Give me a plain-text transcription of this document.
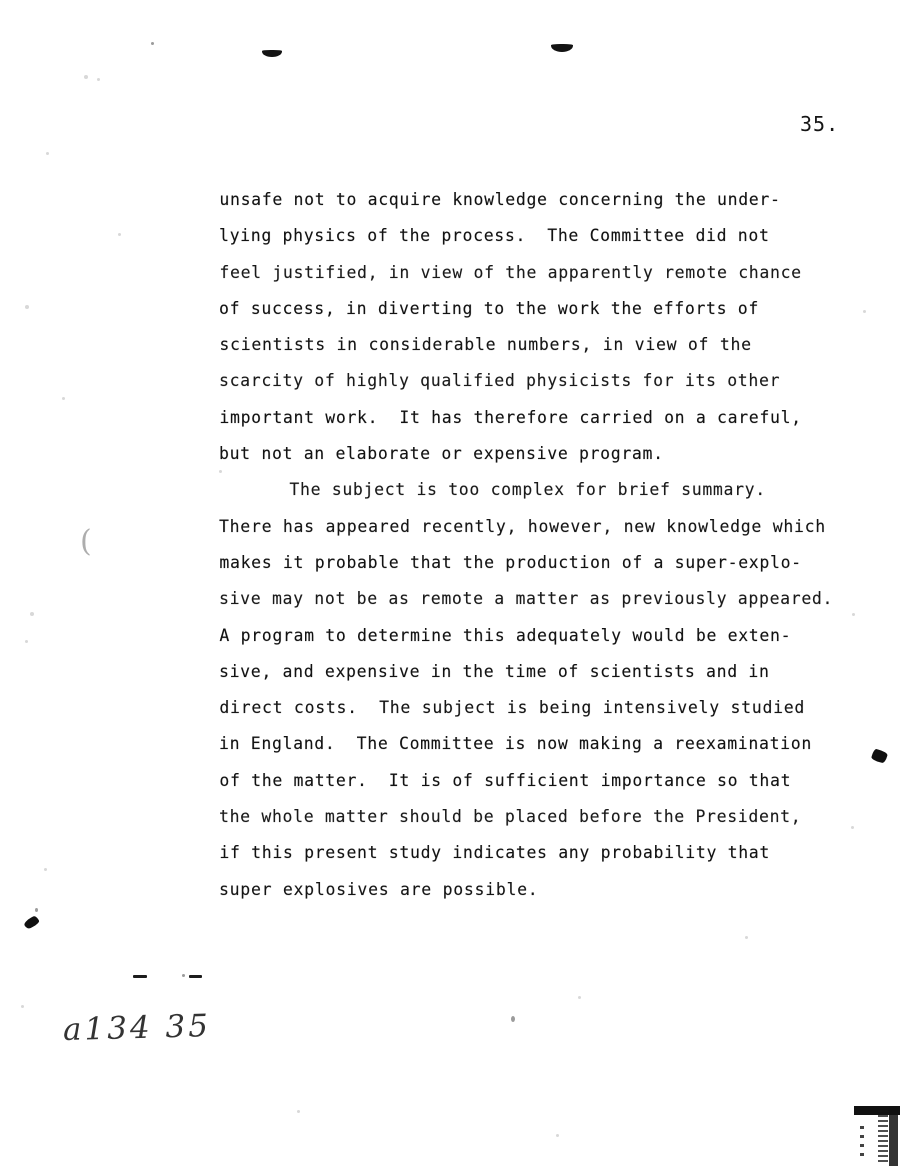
35.
(
unsafe not to acquire knowledge concerning the under-
lying physics of the process.  The Committee did not
feel justified, in view of the apparently remote chance
of success, in diverting to the work the efforts of
scientists in considerable numbers, in view of the
scarcity of highly qualified physicists for its other
important work.  It has therefore carried on a careful,
but not an elaborate or expensive program.
The subject is too complex for brief summary.
There has appeared recently, however, new knowledge which
makes it probable that the production of a super-explo-
sive may not be as remote a matter as previously appeared.
A program to determine this adequately would be exten-
sive, and expensive in the time of scientists and in
direct costs.  The subject is being intensively studied
in England.  The Committee is now making a reexamination
of the matter.  It is of sufficient importance so that
the whole matter should be placed before the President,
if this present study indicates any probability that
super explosives are possible.
a134 35
